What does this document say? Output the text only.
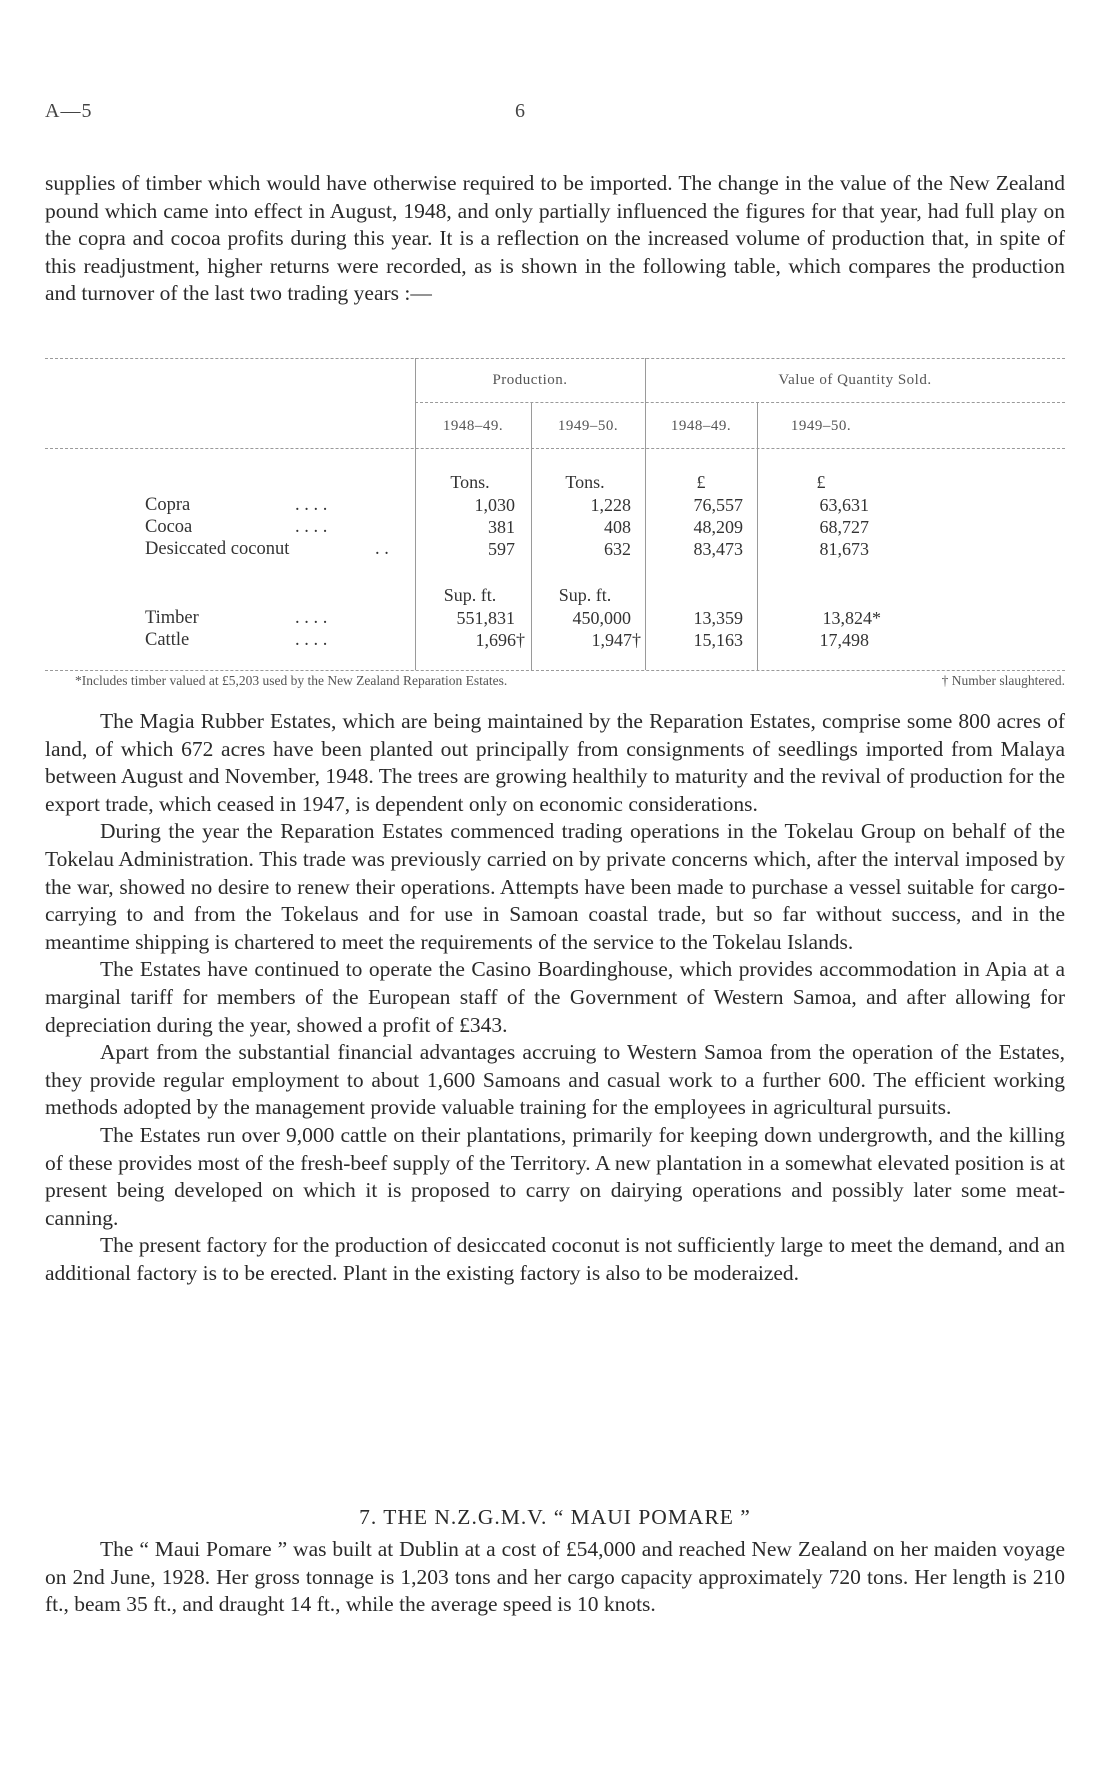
A—5	6

supplies of timber which would have otherwise required to be imported. The change in the value of the New Zealand pound which came into effect in August, 1948, and only partially influenced the figures for that year, had full play on the copra and cocoa profits during this year. It is a reflection on the increased volume of production that, in spite of this readjustment, higher returns were recorded, as is shown in the following table, which compares the production and turnover of the last two trading years :—

Production.	Value of Quantity Sold.
1948–49.	1949–50.	1948–49.	1949–50.
Tons.	Tons.	£	£
Copra	. . . .	1,030	1,228	76,557	63,631
Cocoa	. . . .	381	408	48,209	68,727
Desiccated coconut	. .	597	632	83,473	81,673
Sup. ft.	Sup. ft.
Timber	. . . .	551,831	450,000	13,359	13,824*
Cattle	. . . .	1,696†	1,947†	15,163	17,498
*Includes timber valued at £5,203 used by the New Zealand Reparation Estates.	† Number slaughtered.

The Magia Rubber Estates, which are being maintained by the Reparation Estates, comprise some 800 acres of land, of which 672 acres have been planted out principally from consignments of seedlings imported from Malaya between August and November, 1948. The trees are growing healthily to maturity and the revival of production for the export trade, which ceased in 1947, is dependent only on economic considerations.

During the year the Reparation Estates commenced trading operations in the Tokelau Group on behalf of the Tokelau Administration. This trade was previously carried on by private concerns which, after the interval imposed by the war, showed no desire to renew their operations. Attempts have been made to purchase a vessel suitable for cargo-carrying to and from the Tokelaus and for use in Samoan coastal trade, but so far without success, and in the meantime shipping is chartered to meet the requirements of the service to the Tokelau Islands.

The Estates have continued to operate the Casino Boardinghouse, which provides accommodation in Apia at a marginal tariff for members of the European staff of the Government of Western Samoa, and after allowing for depreciation during the year, showed a profit of £343.

Apart from the substantial financial advantages accruing to Western Samoa from the operation of the Estates, they provide regular employment to about 1,600 Samoans and casual work to a further 600. The efficient working methods adopted by the management provide valuable training for the employees in agricultural pursuits.

The Estates run over 9,000 cattle on their plantations, primarily for keeping down undergrowth, and the killing of these provides most of the fresh-beef supply of the Territory. A new plantation in a somewhat elevated position is at present being developed on which it is proposed to carry on dairying operations and possibly later some meat-canning.

The present factory for the production of desiccated coconut is not sufficiently large to meet the demand, and an additional factory is to be erected. Plant in the existing factory is also to be moderaized.

7. THE N.Z.G.M.V. “ MAUI POMARE ”

The “ Maui Pomare ” was built at Dublin at a cost of £54,000 and reached New Zealand on her maiden voyage on 2nd June, 1928. Her gross tonnage is 1,203 tons and her cargo capacity approximately 720 tons. Her length is 210 ft., beam 35 ft., and draught 14 ft., while the average speed is 10 knots.
